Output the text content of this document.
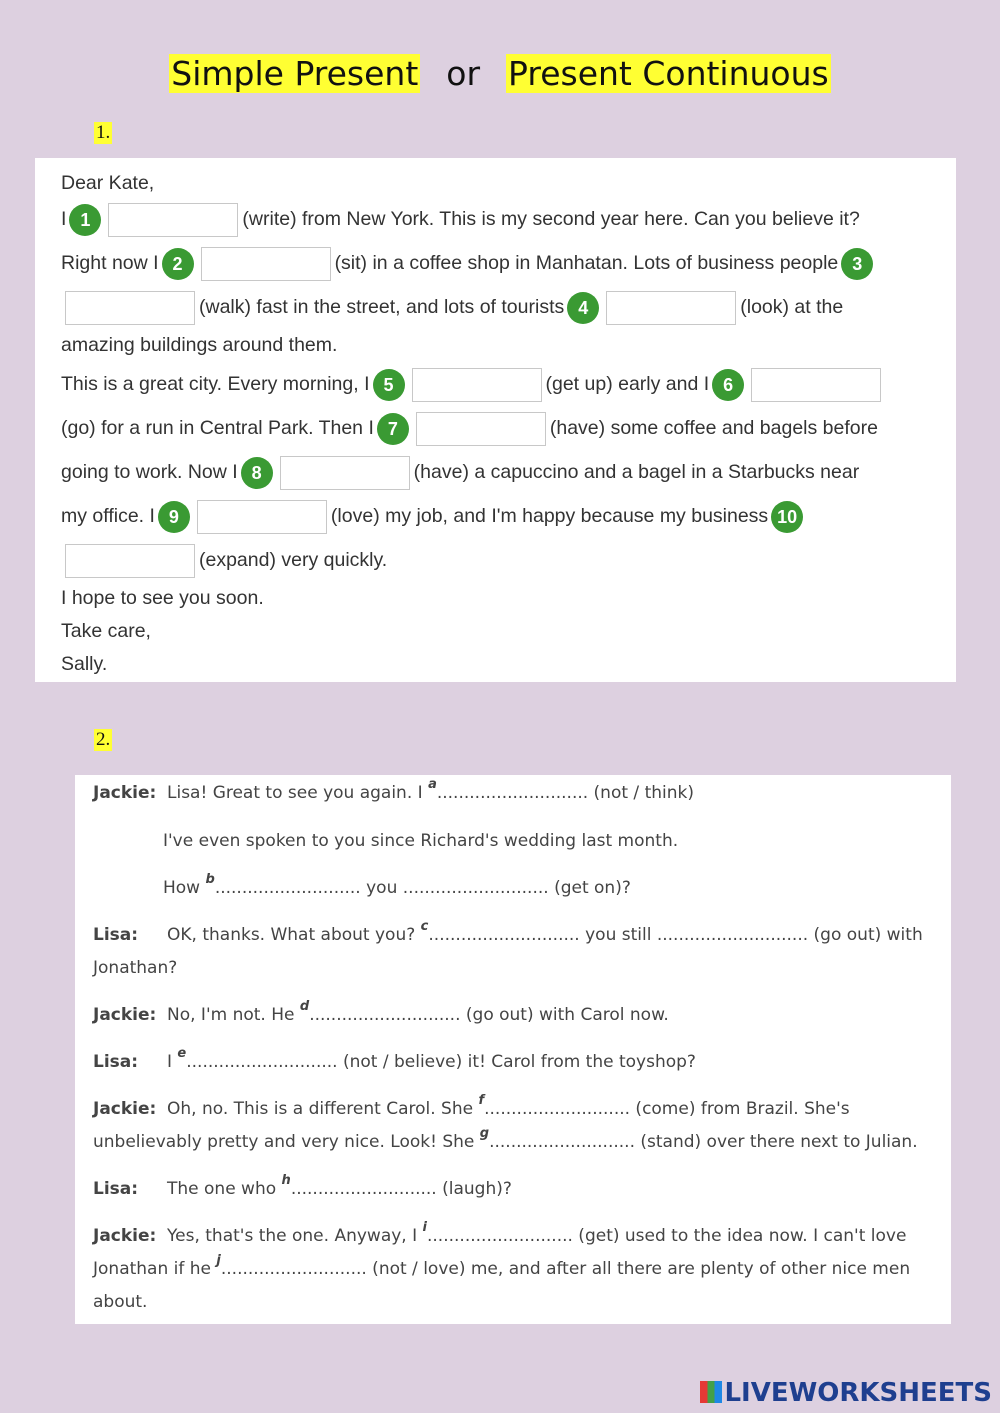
Simple Present or Present Continuous
1.
Dear Kate,
I 1	(write) from New York. This is my second year here. Can you believe it?
Right now I 2	(sit) in a coffee shop in Manhatan. Lots of business people 3
(walk) fast in the street, and lots of tourists 4	(look) at the
amazing buildings around them.
This is a great city. Every morning, I 5	(get up) early and I 6
(go) for a run in Central Park. Then I 7	(have) some coffee and bagels before
going to work. Now I 8	(have) a capuccino and a bagel in a Starbucks near
my office. I 9	(love) my job, and I'm happy because my business 10
(expand) very quickly.
I hope to see you soon.
Take care,
Sally.
2.
Jackie: Lisa! Great to see you again. I $^a$............................ (not / think)
I've even spoken to you since Richard's wedding last month.
How $^b$........................... you ........................... (get on)?
Lisa: OK, thanks. What about you? $^c$............................ you still ............................ (go out) with
Jonathan?
Jackie: No, I'm not. He $^d$............................ (go out) with Carol now.
Lisa: I $^e$............................ (not / believe) it! Carol from the toyshop?
Jackie: Oh, no. This is a different Carol. She $^f$........................... (come) from Brazil. She's
unbelievably pretty and very nice. Look! She $^g$........................... (stand) over there next to Julian.
Lisa: The one who $^h$........................... (laugh)?
Jackie: Yes, that's the one. Anyway, I $^i$........................... (get) used to the idea now. I can't love
Jonathan if he $^j$........................... (not / love) me, and after all there are plenty of other nice men
about.
LIVEWORKSHEETS
